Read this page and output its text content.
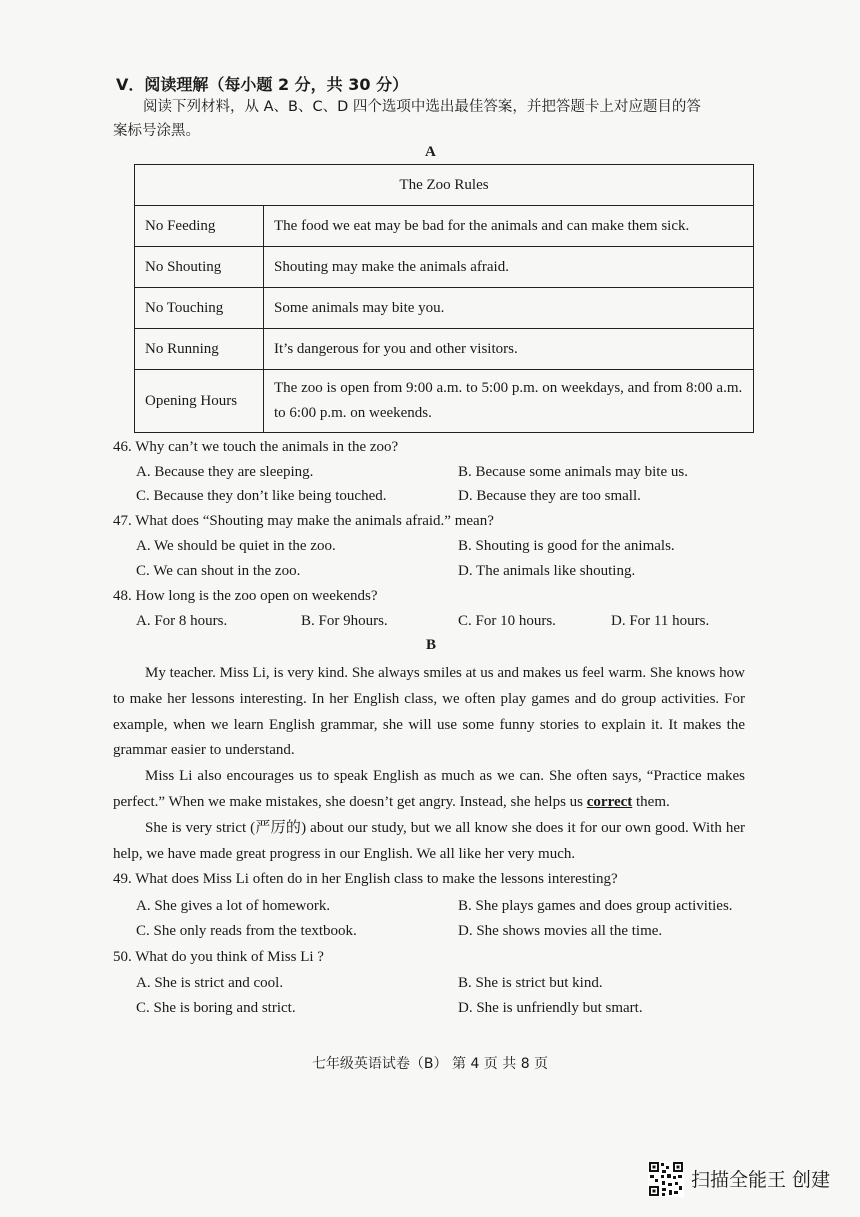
V．阅读理解（每小题 2 分，共 30 分）
阅读下列材料，从 A、B、C、D 四个选项中选出最佳答案，并把答题卡上对应题目的答
案标号涂黑。
A
The Zoo Rules	
No Feeding	The food we eat may be bad for the animals and can make them sick.
No Shouting	Shouting may make the animals afraid.
No Touching	Some animals may bite you.
No Running	It’s dangerous for you and other visitors.
Opening Hours	The zoo is open from 9:00 a.m. to 5:00 p.m. on weekdays, and from 8:00 a.m. to 6:00 p.m. on weekends.
46. Why can’t we touch the animals in the zoo?
A. Because they are sleeping.	B. Because some animals may bite us.
C. Because they don’t like being touched.	D. Because they are too small.
47. What does “Shouting may make the animals afraid.” mean?
A. We should be quiet in the zoo.	B. Shouting is good for the animals.
C. We can shout in the zoo.	D. The animals like shouting.
48. How long is the zoo open on weekends?
A. For 8 hours.	B. For 9hours.	C. For 10 hours.	D. For 11 hours.
B

My teacher. Miss Li, is very kind. She always smiles at us and makes us feel warm. She knows how to make her lessons interesting. In her English class, we often play games and do group activities. For example, when we learn English grammar, she will use some funny stories to explain it. It makes the grammar easier to understand.

Miss Li also encourages us to speak English as much as we can. She often says, “Practice makes perfect.” When we make mistakes, she doesn’t get angry. Instead, she helps us correct them.

She is very strict (严厉的) about our study, but we all know she does it for our own good. With her help, we have made great progress in our English. We all like her very much.

49. What does Miss Li often do in her English class to make the lessons interesting?
A. She gives a lot of homework.	B. She plays games and does group activities.
C. She only reads from the textbook.	D. She shows movies all the time.
50. What do you think of Miss Li ?
A. She is strict and cool.	B. She is strict but kind.
C. She is boring and strict.	D. She is unfriendly but smart.
七年级英语试卷（B） 第 4 页 共 8 页
扫描全能王 创建
